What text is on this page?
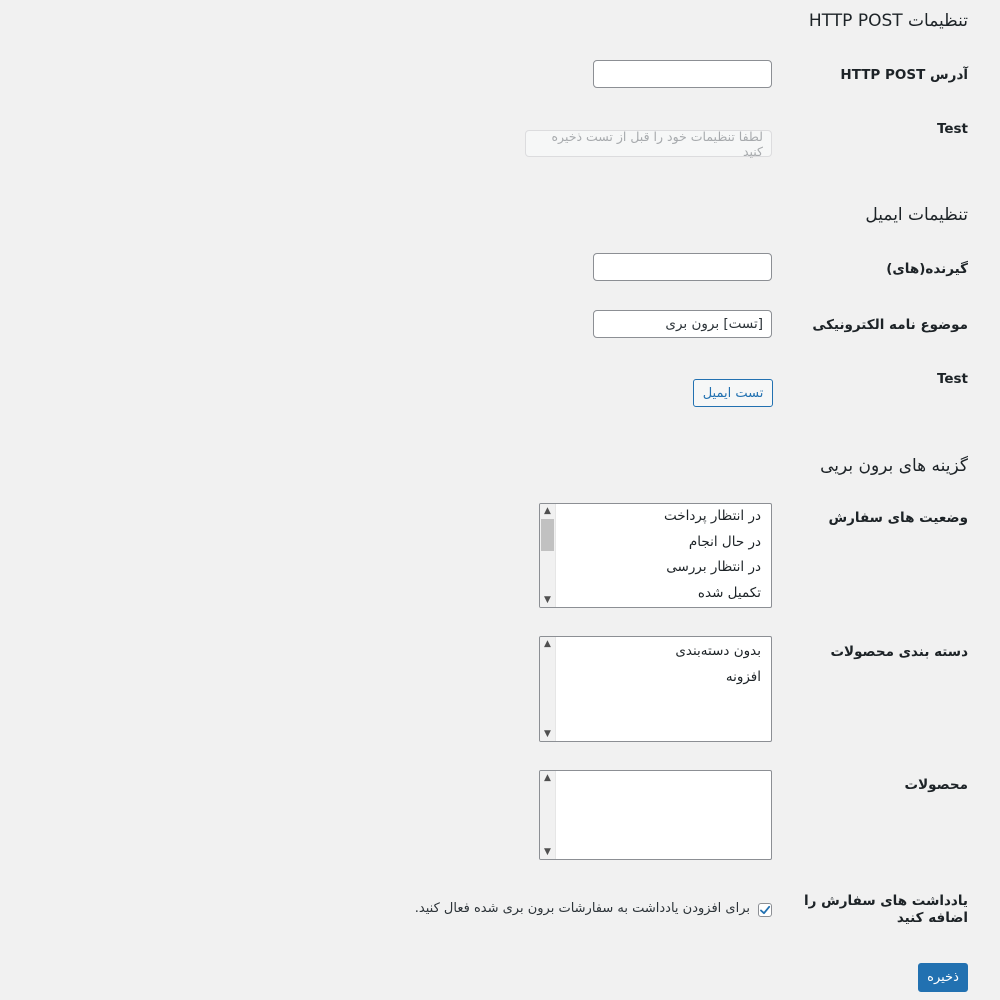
تنظیمات HTTP POST
آدرس HTTP POST
Test
لطفا تنظیمات خود را قبل از تست ذخیره کنید
تنظیمات ایمیل
گیرنده(های)
موضوع نامه الکترونیکی
[تست] برون بری
Test
تست ایمیل
گزینه های برون بریی
وضعیت های سفارش
در انتظار پرداخت
در حال انجام
در انتظار بررسی
تکمیل شده
▲
▼
دسته بندی محصولات
بدون دسته‌بندی
افزونه
▲
▼
محصولات
▲
▼
یادداشت های سفارش را اضافه کنید
برای افزودن یادداشت به سفارشات برون بری شده فعال کنید.
ذخیره
